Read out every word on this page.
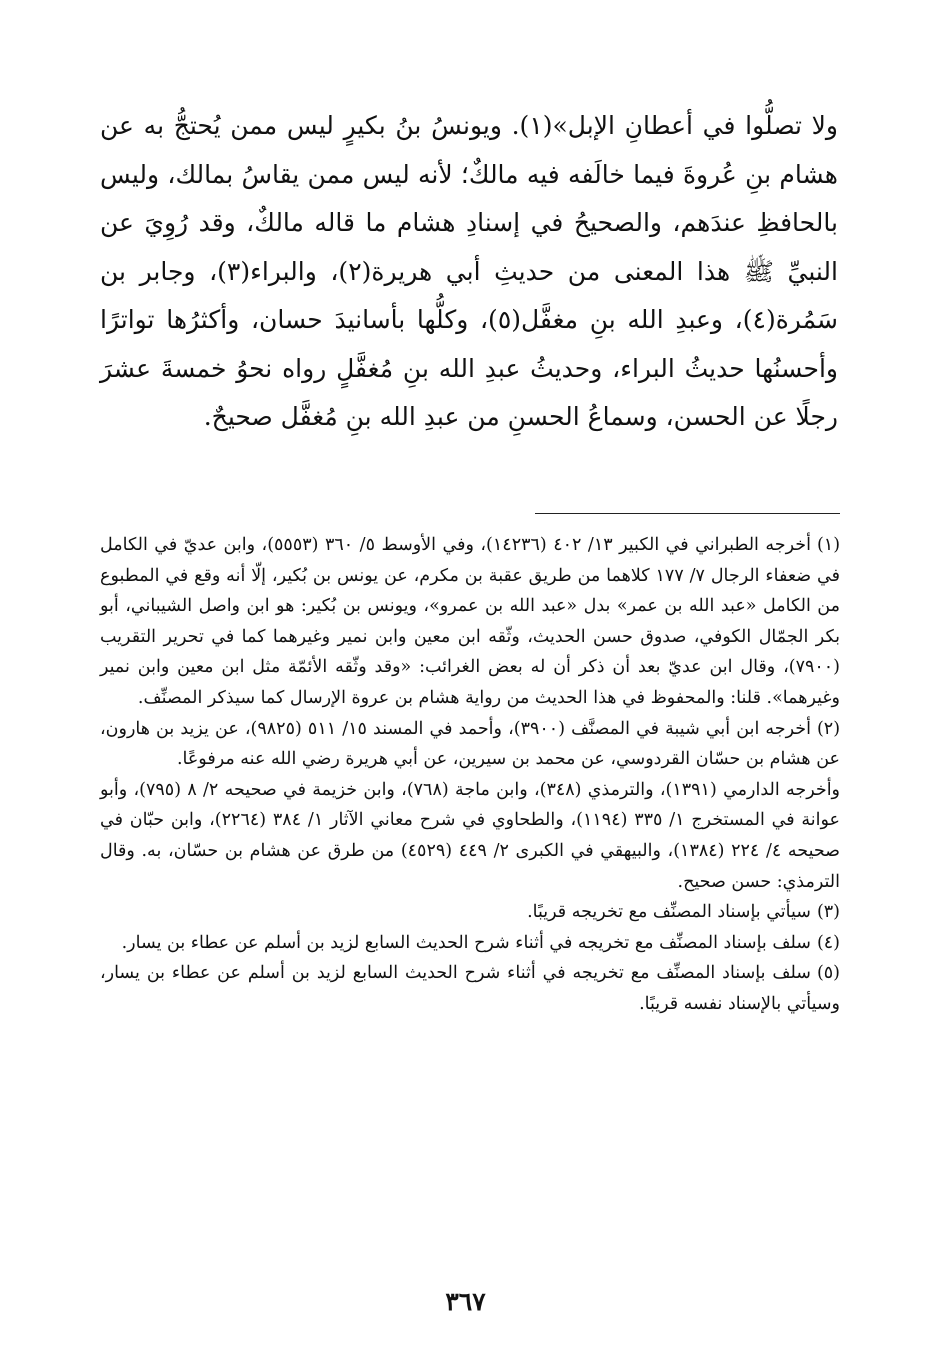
ولا تصلُّوا في أعطانِ الإبل»(١). ويونسُ بنُ بكيرٍ ليس ممن يُحتجُّ به عن هشام بنِ عُروةَ فيما خالَفه فيه مالكٌ؛ لأنه ليس ممن يقاسُ بمالك، وليس بالحافظِ عندَهم، والصحيحُ في إسنادِ هشام ما قاله مالكٌ، وقد رُوِيَ عن النبيِّ ﷺ هذا المعنى من حديثِ أبي هريرة(٢)، والبراء(٣)، وجابر بن سَمُرة(٤)، وعبدِ الله بنِ مغفَّل(٥)، وكلُّها بأسانيدَ حسان، وأكثرُها تواترًا وأحسنُها حديثُ البراء، وحديثُ عبدِ الله بنِ مُغفَّلٍ رواه نحوُ خمسةَ عشرَ رجلًا عن الحسن، وسماعُ الحسنِ من عبدِ الله بنِ مُغفَّل صحيحٌ.

(١)أخرجه الطبراني في الكبير ١٣/ ٤٠٢ (١٤٢٣٦)، وفي الأوسط ٥/ ٣٦٠ (٥٥٥٣)، وابن عديّ في الكامل في ضعفاء الرجال ٧/ ١٧٧ كلاهما من طريق عقبة بن مكرم، عن يونس بن بُكير، إلّا أنه وقع في المطبوع من الكامل «عبد الله بن عمر» بدل «عبد الله بن عمرو»، ويونس بن بُكير: هو ابن واصل الشيباني، أبو بكر الجمّال الكوفي، صدوق حسن الحديث، وثّقه ابن معين وابن نمير وغيرهما كما في تحرير التقريب (٧٩٠٠)، وقال ابن عديّ بعد أن ذكر أن له بعض الغرائب: «وقد وثّقه الأئمّة مثل ابن معين وابن نمير وغيرهما». قلنا: والمحفوظ في هذا الحديث من رواية هشام بن عروة الإرسال كما سيذكر المصنِّف.

(٢)أخرجه ابن أبي شيبة في المصنَّف (٣٩٠٠)، وأحمد في المسند ١٥/ ٥١١ (٩٨٢٥)، عن يزيد بن هارون، عن هشام بن حسّان القردوسي، عن محمد بن سيرين، عن أبي هريرة رضي الله عنه مرفوعًا.

وأخرجه الدارمي (١٣٩١)، والترمذي (٣٤٨)، وابن ماجة (٧٦٨)، وابن خزيمة في صحيحه ٢/ ٨ (٧٩٥)، وأبو عوانة في المستخرج ١/ ٣٣٥ (١١٩٤)، والطحاوي في شرح معاني الآثار ١/ ٣٨٤ (٢٢٦٤)، وابن حبّان في صحيحه ٤/ ٢٢٤ (١٣٨٤)، والبيهقي في الكبرى ٢/ ٤٤٩ (٤٥٢٩) من طرق عن هشام بن حسّان، به. وقال الترمذي: حسن صحيح.

(٣)سيأتي بإسناد المصنِّف مع تخريجه قريبًا.

(٤)سلف بإسناد المصنِّف مع تخريجه في أثناء شرح الحديث السابع لزيد بن أسلم عن عطاء بن يسار.

(٥)سلف بإسناد المصنِّف مع تخريجه في أثناء شرح الحديث السابع لزيد بن أسلم عن عطاء بن يسار، وسيأتي بالإسناد نفسه قريبًا.

٣٦٧
